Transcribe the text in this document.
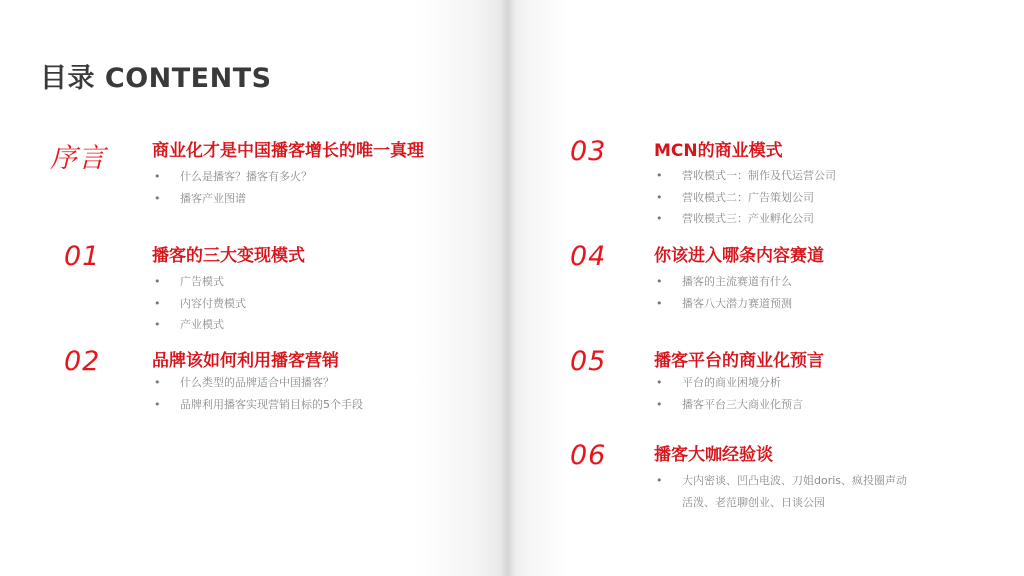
目录 CONTENTS
序言	商业化才是中国播客增长的唯一真理
• 什么是播客？播客有多火？
• 播客产业图谱
01	播客的三大变现模式
• 广告模式
• 内容付费模式
• 产业模式
02	品牌该如何利用播客营销
• 什么类型的品牌适合中国播客？
• 品牌利用播客实现营销目标的5个手段
03	MCN的商业模式
• 营收模式一：制作及代运营公司
• 营收模式二：广告策划公司
• 营收模式三：产业孵化公司
04	你该进入哪条内容赛道
• 播客的主流赛道有什么
• 播客八大潜力赛道预测
05	播客平台的商业化预言
• 平台的商业困境分析
• 播客平台三大商业化预言
06	播客大咖经验谈
• 大内密谈、凹凸电波、刀姐doris、疯投圈声动活泼、老范聊创业、日谈公园
